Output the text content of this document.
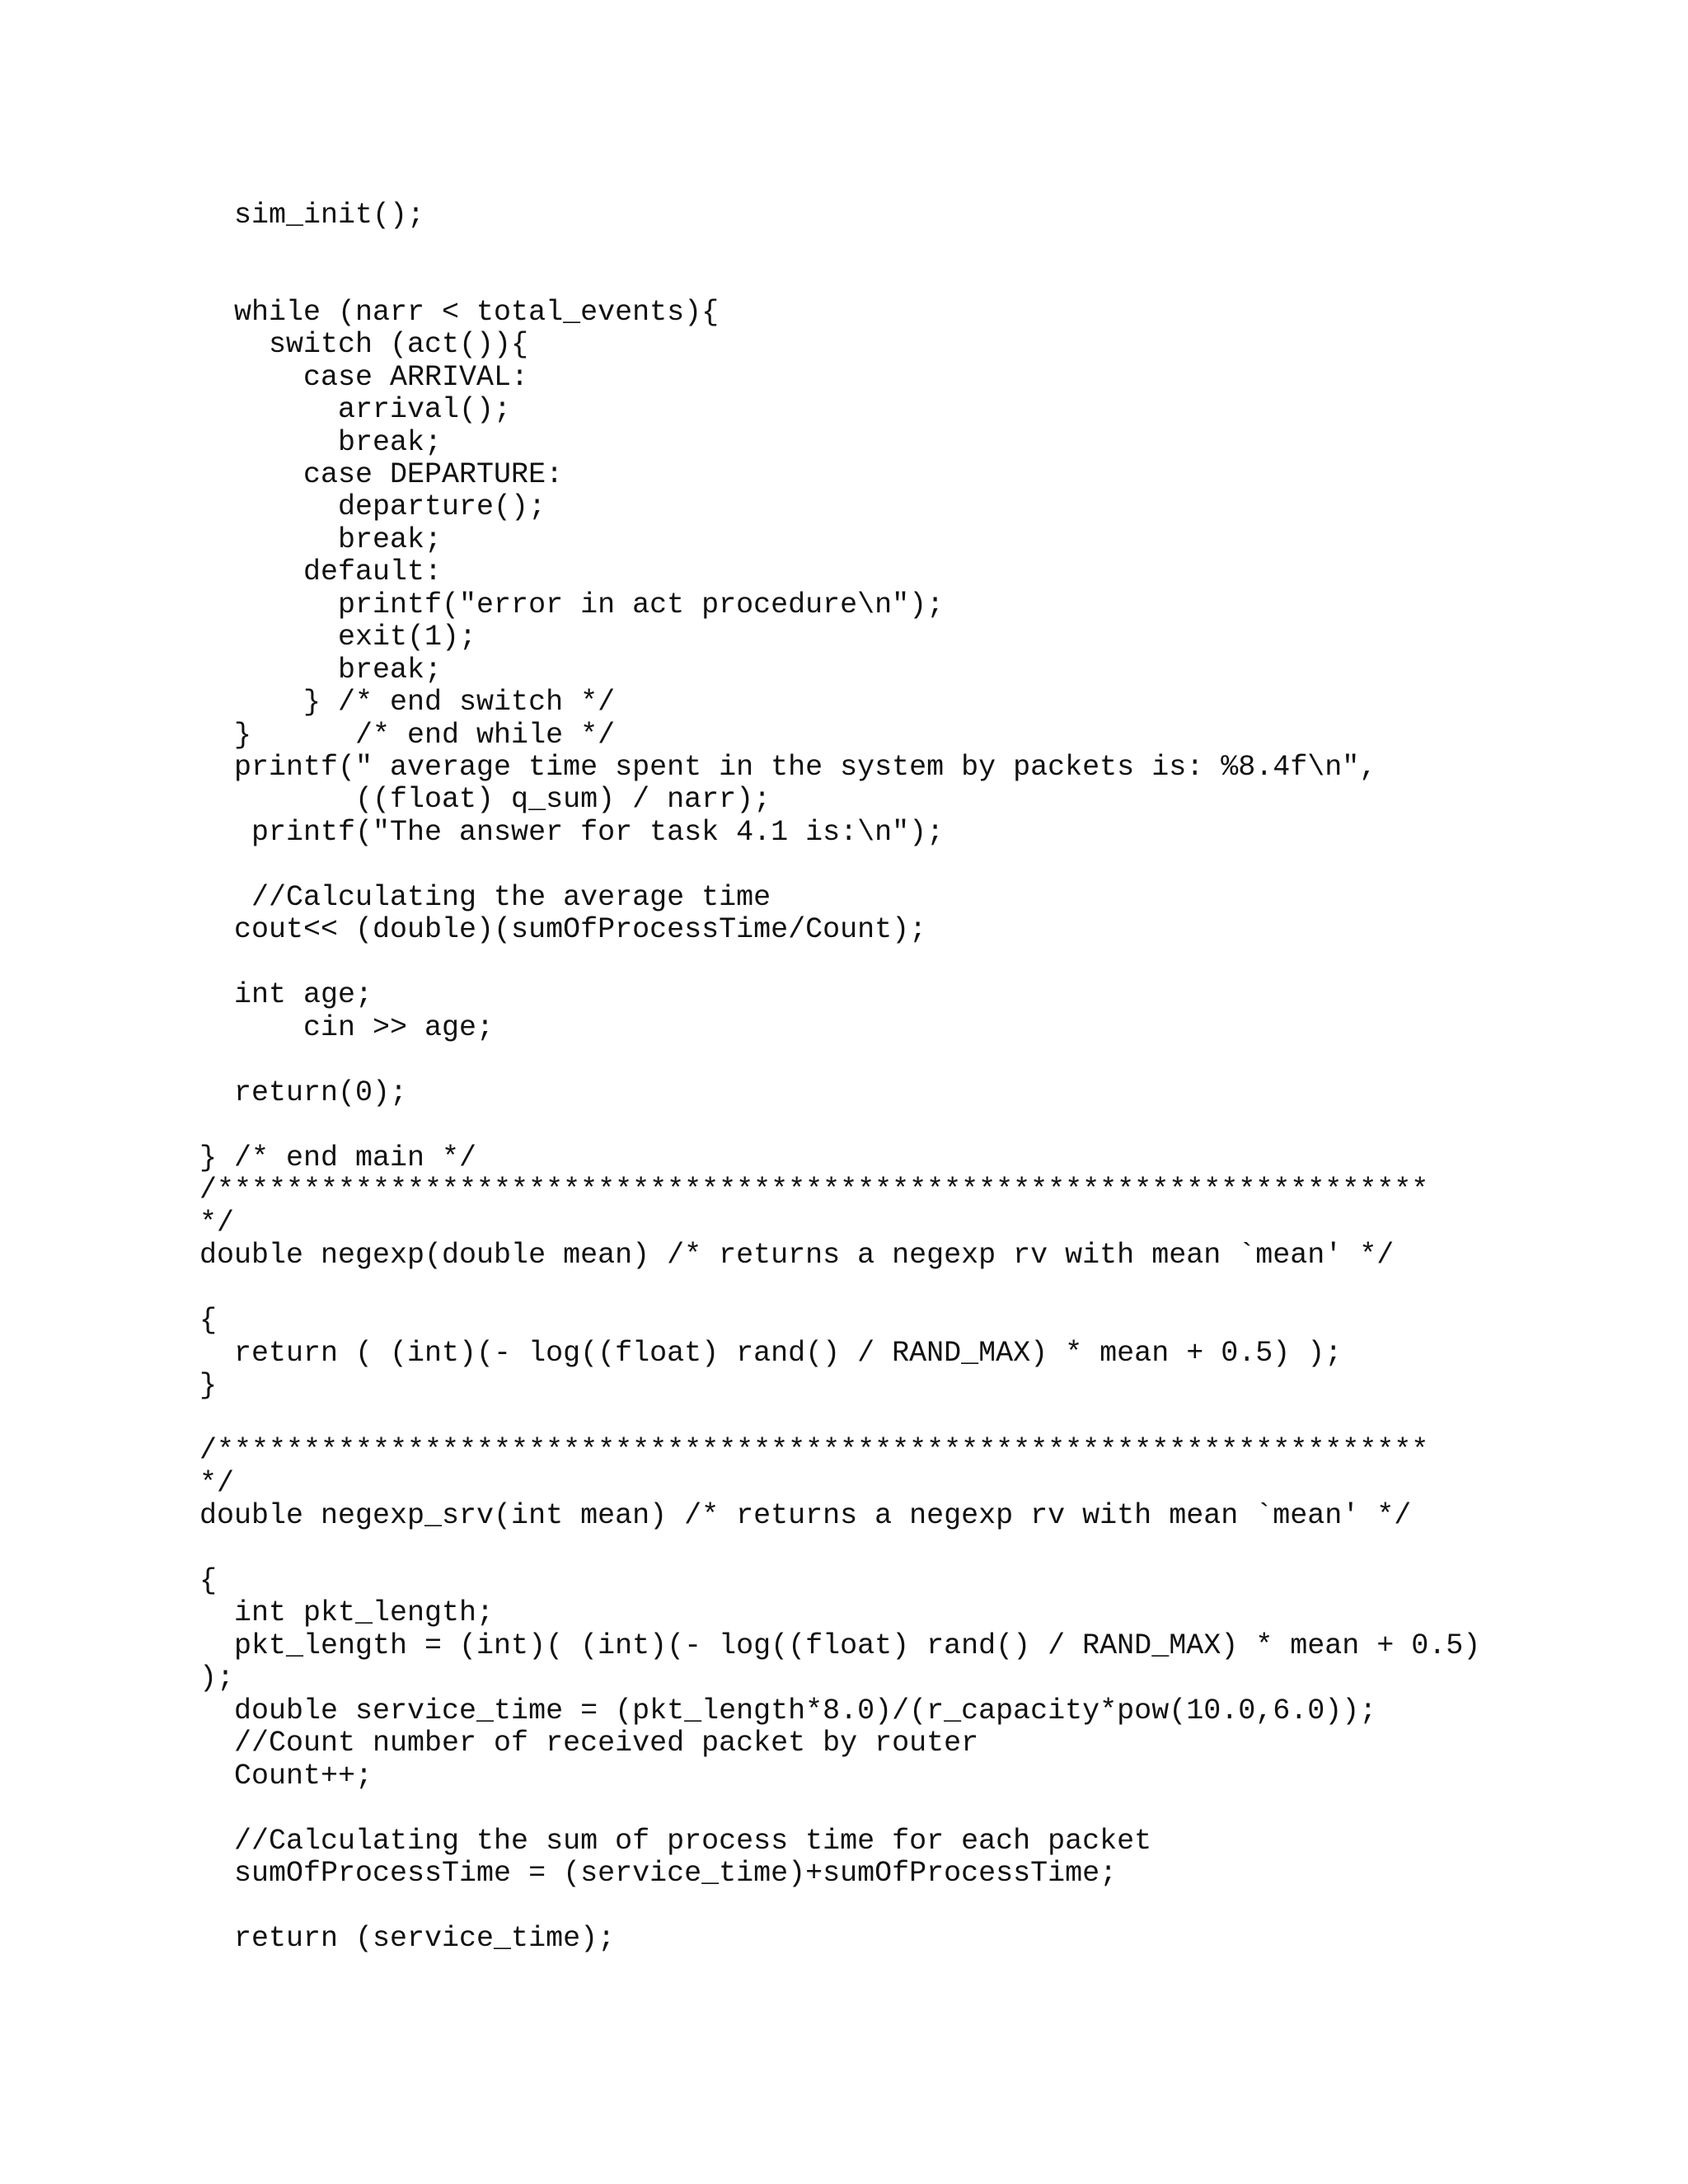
sim_init();
while (narr < total_events){
switch (act()){
case ARRIVAL:
arrival();
break;
case DEPARTURE:
departure();
break;
default:
printf("error in act procedure\n");
exit(1);
break;
} /* end switch */
}      /* end while */
printf(" average time spent in the system by packets is: %8.4f\n",
((float) q_sum) / narr);
printf("The answer for task 4.1 is:\n");
//Calculating the average time
cout<< (double)(sumOfProcessTime/Count);
int age;
cin >> age;
return(0);
} /* end main */
/**********************************************************************
*/
double negexp(double mean) /* returns a negexp rv with mean `mean' */
{
return ( (int)(- log((float) rand() / RAND_MAX) * mean + 0.5) );
}
/**********************************************************************
*/
double negexp_srv(int mean) /* returns a negexp rv with mean `mean' */
{
int pkt_length;
pkt_length = (int)( (int)(- log((float) rand() / RAND_MAX) * mean + 0.5)
);
double service_time = (pkt_length*8.0)/(r_capacity*pow(10.0,6.0));
//Count number of received packet by router
Count++;
//Calculating the sum of process time for each packet
sumOfProcessTime = (service_time)+sumOfProcessTime;
return (service_time);
